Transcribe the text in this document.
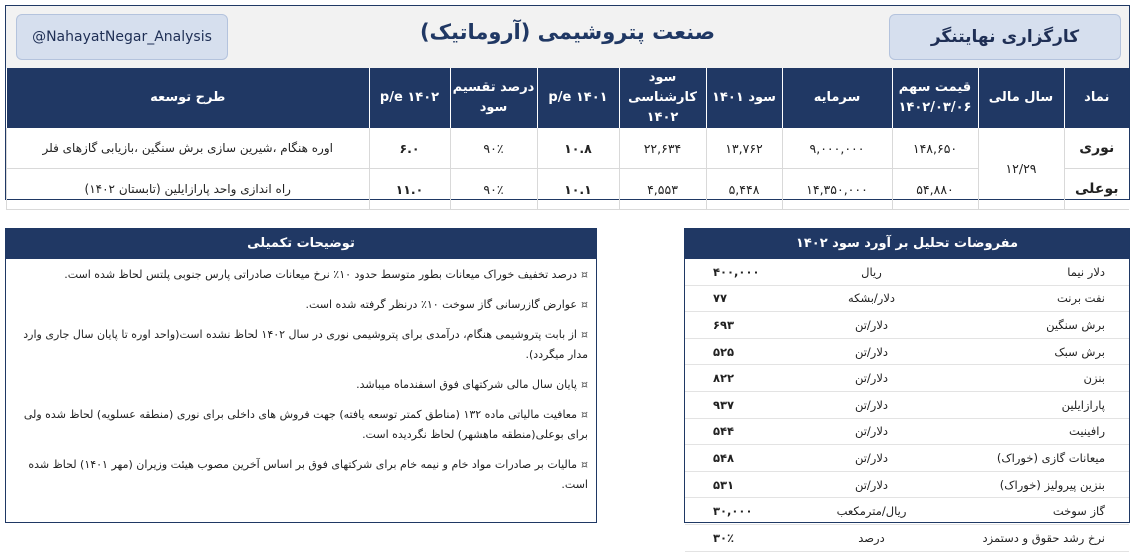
@NahayatNegar_Analysis	صنعت پتروشیمی (آروماتیک)	کارگزاری نهایتنگر
نماد	سال مالی	قیمت سهم ۱۴۰۲/۰۳/۰۶	سرمایه	سود ۱۴۰۱	سود کارشناسی ۱۴۰۲	p/e ۱۴۰۱	درصد تقسیم سود	p/e ۱۴۰۲	طرح توسعه
نوری	۱۲/۲۹	۱۴۸,۶۵۰	۹,۰۰۰,۰۰۰	۱۳,۷۶۲	۲۲,۶۳۴	۱۰.۸	۹۰٪	۶.۰	اوره هنگام ،شیرین سازی برش سنگین ،بازیابی گازهای فلر
بوعلی		۵۴,۸۸۰	۱۴,۳۵۰,۰۰۰	۵,۴۴۸	۴,۵۵۳	۱۰.۱	۹۰٪	۱۱.۰	راه اندازی واحد پارازایلین (تابستان ۱۴۰۲)
توضیحات تکمیلی
¤درصد تخفیف خوراک میعانات بطور متوسط حدود ۱۰٪ نرخ میعانات صادراتی پارس جنوبی پلتس لحاظ شده است.
¤عوارض گازرسانی گاز سوخت ۱۰٪ درنظر گرفته شده است.
¤از بابت پتروشیمی هنگام، درآمدی برای پتروشیمی نوری در سال ۱۴۰۲ لحاظ نشده است(واحد اوره تا پایان سال جاری وارد مدار میگردد).
¤پایان سال مالی شرکتهای فوق اسفندماه میباشد.
¤معافیت مالیاتی ماده ۱۳۲ (مناطق کمتر توسعه یافته) جهت فروش های داخلی برای نوری (منطقه عسلویه) لحاظ شده ولی برای بوعلی(منطقه ماهشهر) لحاظ نگردیده است.
¤مالیات بر صادرات مواد خام و نیمه خام برای شرکتهای فوق بر اساس آخرین مصوب هیئت وزیران (مهر ۱۴۰۱) لحاظ شده است.
مفروضات تحلیل بر آورد سود ۱۴۰۲
دلار نیما	ریال	۴۰۰,۰۰۰
نفت برنت	دلار/بشکه	۷۷
برش سنگین	دلار/تن	۶۹۳
برش سبک	دلار/تن	۵۲۵
بنزن	دلار/تن	۸۲۲
پارازایلین	دلار/تن	۹۳۷
رافینیت	دلار/تن	۵۴۴
میعانات گازی (خوراک)	دلار/تن	۵۴۸
بنزین پیرولیز (خوراک)	دلار/تن	۵۳۱
گاز سوخت	ریال/مترمکعب	۳۰,۰۰۰
نرخ رشد حقوق و دستمزد	درصد	۳۰٪
